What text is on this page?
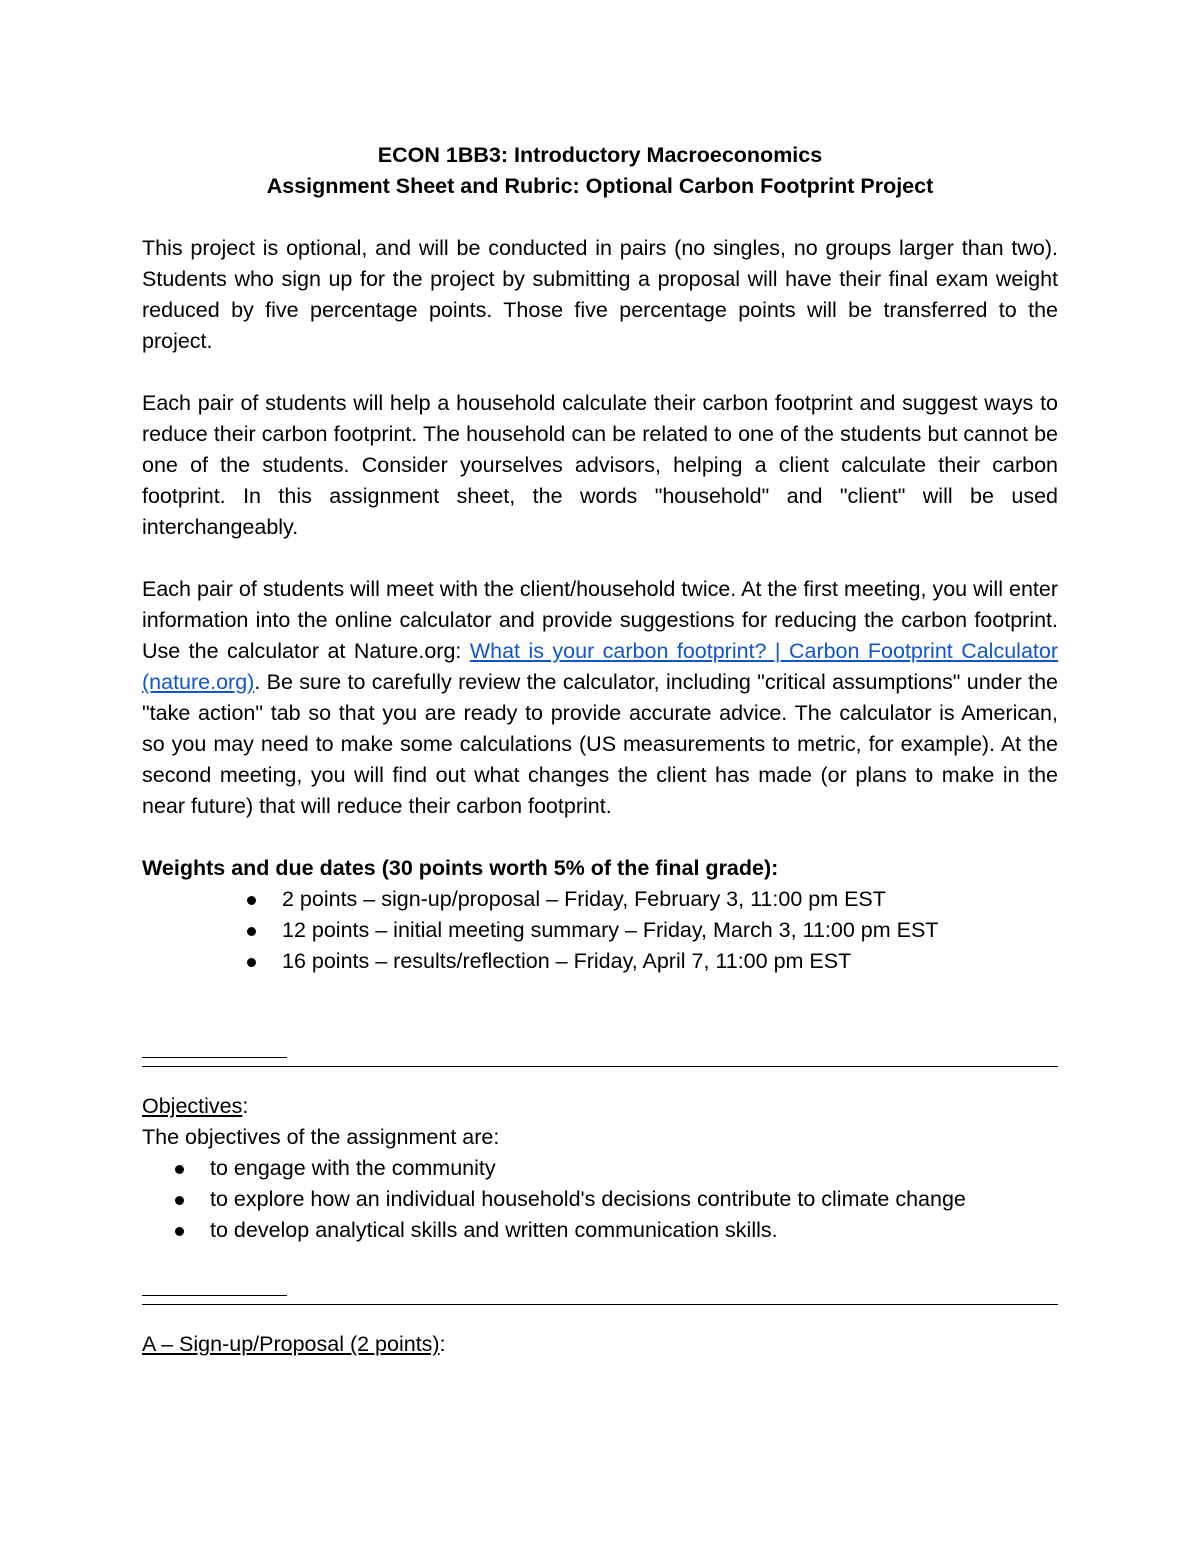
ECON 1BB3: Introductory Macroeconomics

Assignment Sheet and Rubric: Optional Carbon Footprint Project

This project is optional, and will be conducted in pairs (no singles, no groups larger than two). Students who sign up for the project by submitting a proposal will have their final exam weight reduced by five percentage points. Those five percentage points will be transferred to the project.

Each pair of students will help a household calculate their carbon footprint and suggest ways to reduce their carbon footprint. The household can be related to one of the students but cannot be one of the students. Consider yourselves advisors, helping a client calculate their carbon footprint. In this assignment sheet, the words "household" and "client" will be used interchangeably.

Each pair of students will meet with the client/household twice. At the first meeting, you will enter information into the online calculator and provide suggestions for reducing the carbon footprint. Use the calculator at Nature.org: What is your carbon footprint? | Carbon Footprint Calculator (nature.org). Be sure to carefully review the calculator, including "critical assumptions" under the "take action" tab so that you are ready to provide accurate advice. The calculator is American, so you may need to make some calculations (US measurements to metric, for example). At the second meeting, you will find out what changes the client has made (or plans to make in the near future) that will reduce their carbon footprint.

Weights and due dates (30 points worth 5% of the final grade):

2 points – sign-up/proposal – Friday, February 3, 11:00 pm EST
12 points – initial meeting summary – Friday, March 3, 11:00 pm EST
16 points – results/reflection – Friday, April 7, 11:00 pm EST

Objectives:

The objectives of the assignment are:

to engage with the community
to explore how an individual household's decisions contribute to climate change
to develop analytical skills and written communication skills.

A – Sign-up/Proposal (2 points):
